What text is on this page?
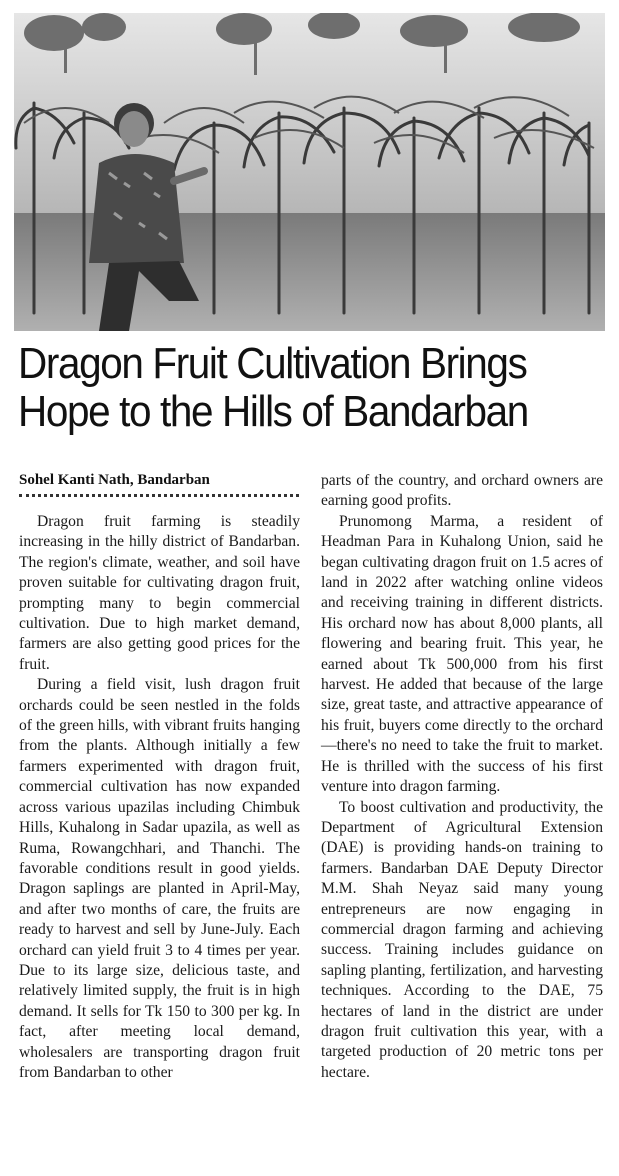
Dragon Fruit Cultivation Brings
Hope to the Hills of Bandarban
Sohel Kanti Nath, Bandarban

Dragon fruit farming is steadily increasing in the hilly district of Bandarban. The region's climate, weather, and soil have proven suitable for cultivating dragon fruit, prompting many to begin commercial cultivation. Due to high market demand, farmers are also getting good prices for the fruit.

During a field visit, lush dragon fruit orchards could be seen nestled in the folds of the green hills, with vibrant fruits hanging from the plants. Although initially a few farmers experimented with dragon fruit, commercial cultivation has now expanded across various upazilas including Chimbuk Hills, Kuhalong in Sadar upazila, as well as Ruma, Rowangchhari, and Thanchi. The favorable conditions result in good yields. Dragon saplings are planted in April-May, and after two months of care, the fruits are ready to harvest and sell by June-July. Each orchard can yield fruit 3 to 4 times per year. Due to its large size, delicious taste, and relatively limited supply, the fruit is in high demand. It sells for Tk 150 to 300 per kg. In fact, after meeting local demand, wholesalers are transporting dragon fruit from Bandarban to other

parts of the country, and orchard owners are earning good profits.

Prunomong Marma, a resident of Headman Para in Kuhalong Union, said he began cultivating dragon fruit on 1.5 acres of land in 2022 after watching online videos and receiving training in different districts. His orchard now has about 8,000 plants, all flowering and bearing fruit. This year, he earned about Tk 500,000 from his first harvest. He added that because of the large size, great taste, and attractive appearance of his fruit, buyers come directly to the orchard—there's no need to take the fruit to market. He is thrilled with the success of his first venture into dragon farming.

To boost cultivation and productivity, the Department of Agricultural Extension (DAE) is providing hands-on training to farmers. Bandarban DAE Deputy Director M.M. Shah Neyaz said many young entrepreneurs are now engaging in commercial dragon farming and achieving success. Training includes guidance on sapling planting, fertilization, and harvesting techniques. According to the DAE, 75 hectares of land in the district are under dragon fruit cultivation this year, with a targeted production of 20 metric tons per hectare.
